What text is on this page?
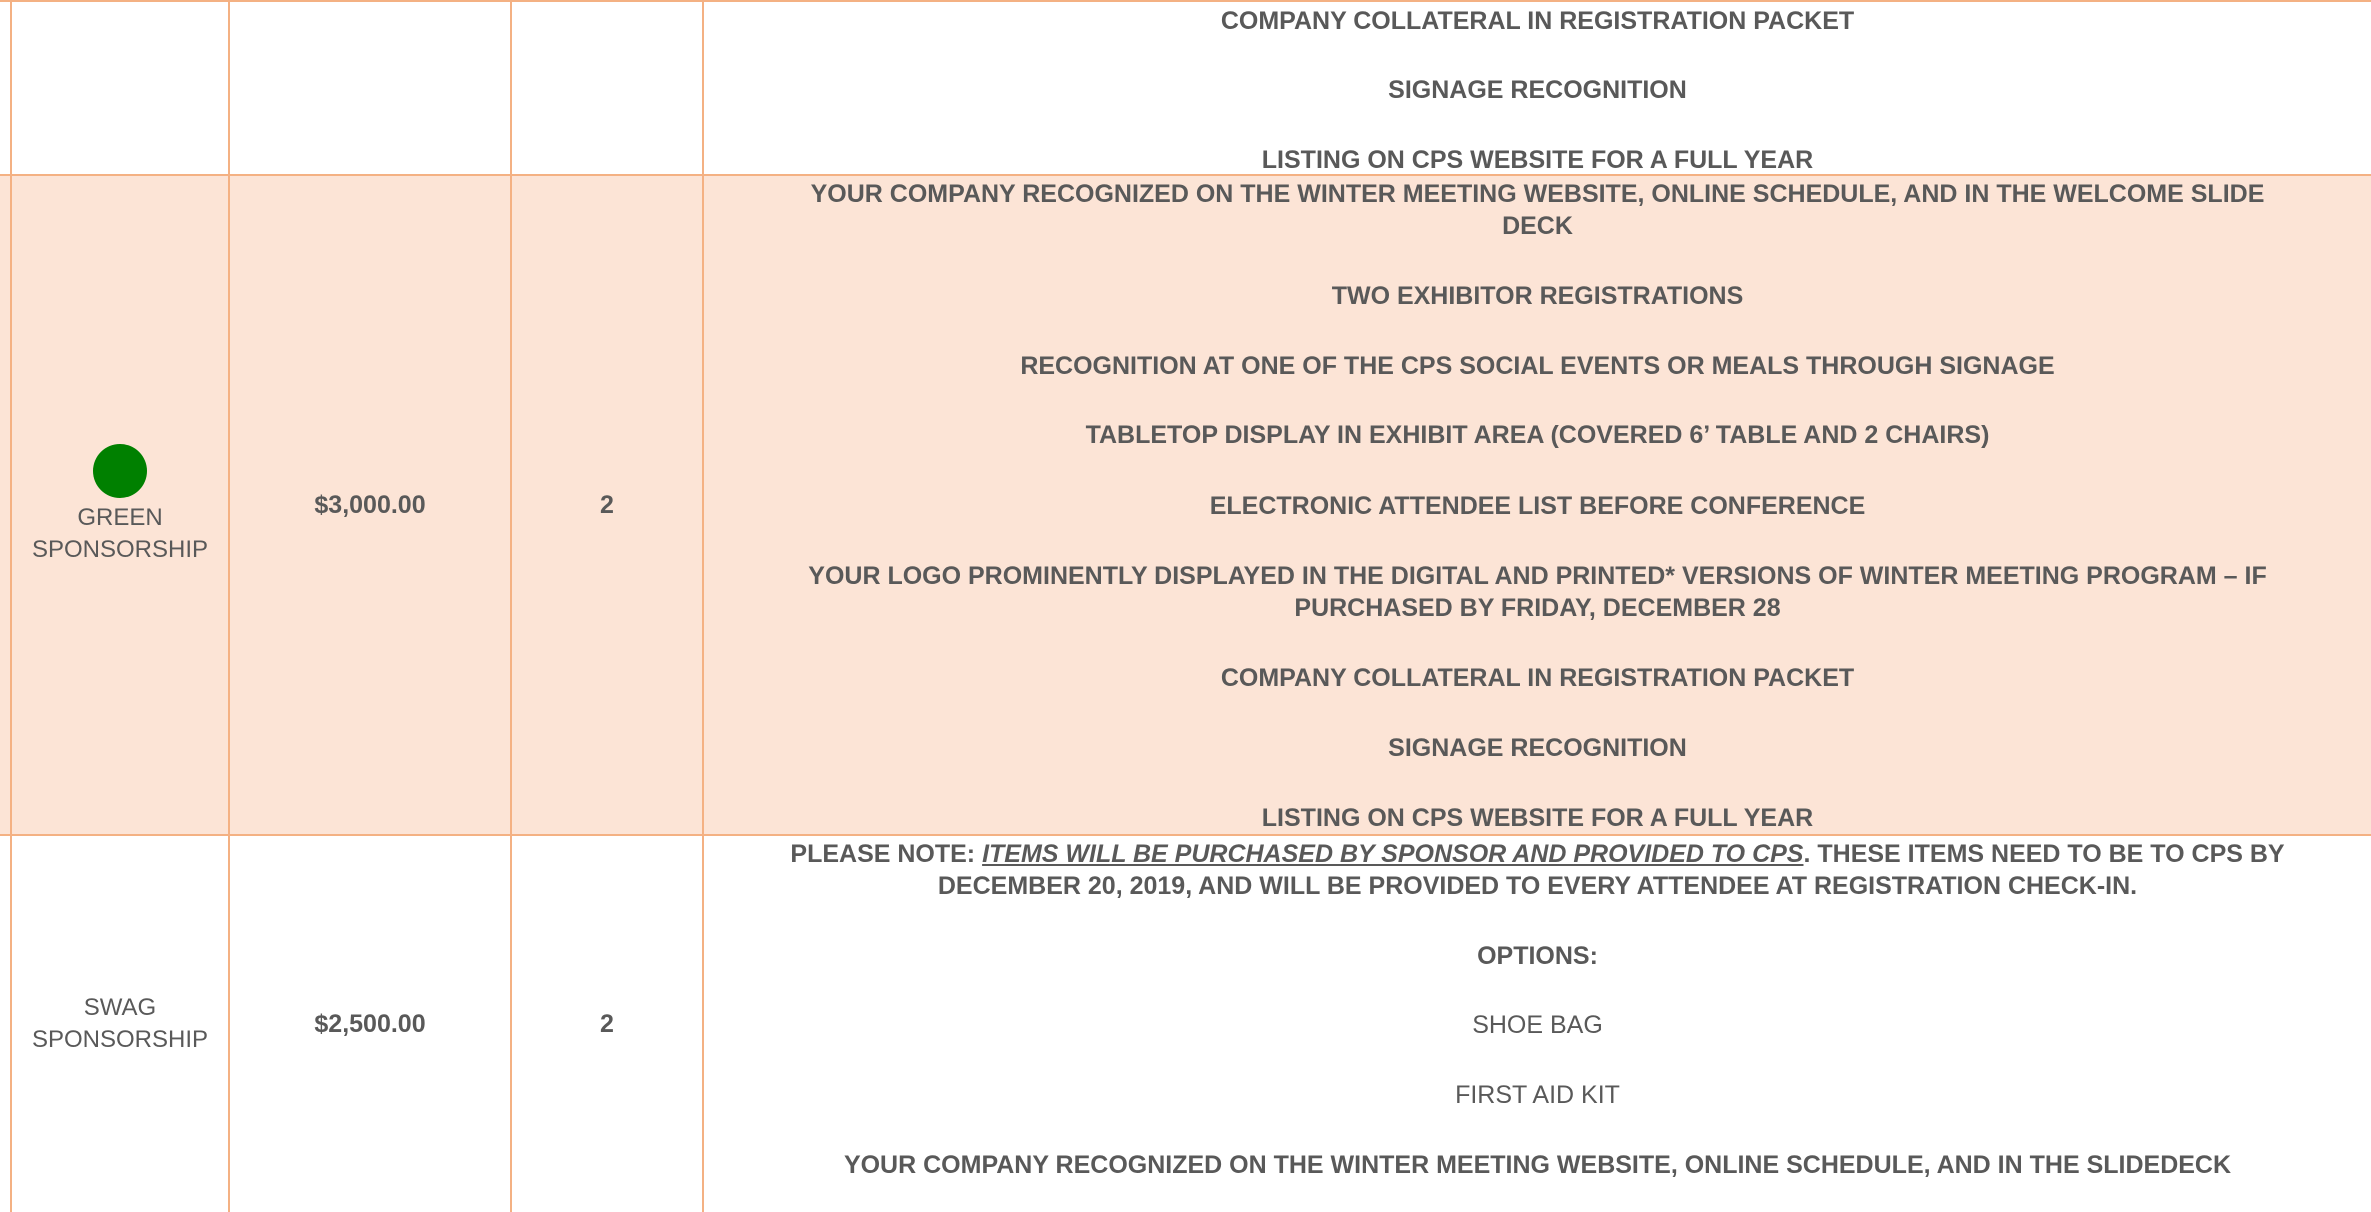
COMPANY COLLATERAL IN REGISTRATION PACKET
SIGNAGE RECOGNITION
LISTING ON CPS WEBSITE FOR A FULL YEAR
GREEN
SPONSORSHIP
$3,000.00	2
YOUR COMPANY RECOGNIZED ON THE WINTER MEETING WEBSITE, ONLINE SCHEDULE, AND IN THE WELCOME SLIDE
DECK
TWO EXHIBITOR REGISTRATIONS
RECOGNITION AT ONE OF THE CPS SOCIAL EVENTS OR MEALS THROUGH SIGNAGE
TABLETOP DISPLAY IN EXHIBIT AREA (COVERED 6’ TABLE AND 2 CHAIRS)
ELECTRONIC ATTENDEE LIST BEFORE CONFERENCE
YOUR LOGO PROMINENTLY DISPLAYED IN THE DIGITAL AND PRINTED* VERSIONS OF WINTER MEETING PROGRAM – IF
PURCHASED BY FRIDAY, DECEMBER 28
COMPANY COLLATERAL IN REGISTRATION PACKET
SIGNAGE RECOGNITION
LISTING ON CPS WEBSITE FOR A FULL YEAR
SWAG
SPONSORSHIP
$2,500.00	2
PLEASE NOTE: ITEMS WILL BE PURCHASED BY SPONSOR AND PROVIDED TO CPS. THESE ITEMS NEED TO BE TO CPS BY
DECEMBER 20, 2019, AND WILL BE PROVIDED TO EVERY ATTENDEE AT REGISTRATION CHECK-IN.
OPTIONS:
SHOE BAG
FIRST AID KIT
YOUR COMPANY RECOGNIZED ON THE WINTER MEETING WEBSITE, ONLINE SCHEDULE, AND IN THE SLIDEDECK
